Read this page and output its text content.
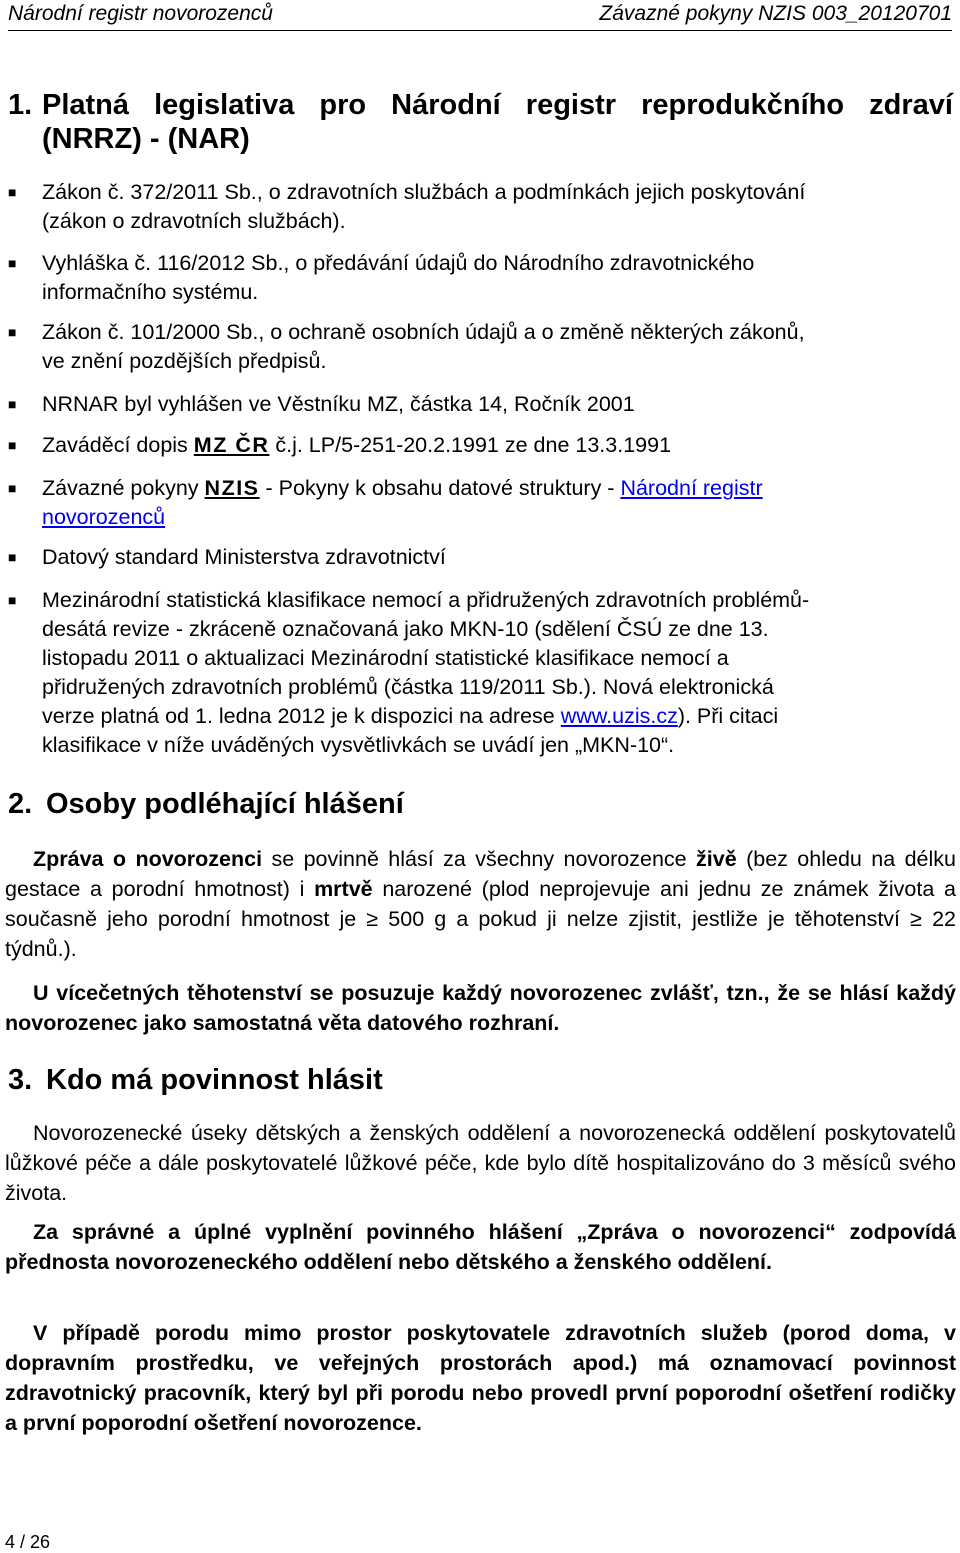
Národní registr novorozenců	Závazné pokyny NZIS 003_20120701
1. Platná legislativa pro Národní registr reprodukčního zdraví
(NRRZ) - (NAR)
■	Zákon č. 372/2011 Sb., o zdravotních službách a podmínkách jejich poskytování
(zákon o zdravotních službách).
■	Vyhláška č. 116/2012 Sb., o předávání údajů do Národního zdravotnického
informačního systému.
■	Zákon č. 101/2000 Sb., o ochraně osobních údajů a o změně některých zákonů,
ve znění pozdějších předpisů.
■	NRNAR byl vyhlášen ve Věstníku MZ, částka 14, Ročník 2001
■	Zaváděcí dopis MZ ČR č.j. LP/5-251-20.2.1991 ze dne 13.3.1991
■	Závazné pokyny NZIS - Pokyny k obsahu datové struktury - Národní registr
novorozenců
■	Datový standard Ministerstva zdravotnictví
■	Mezinárodní statistická klasifikace nemocí a přidružených zdravotních problémů-
desátá revize - zkráceně označovaná jako MKN-10 (sdělení ČSÚ ze dne 13.
listopadu 2011 o aktualizaci Mezinárodní statistické klasifikace nemocí a
přidružených zdravotních problémů (částka 119/2011 Sb.). Nová elektronická
verze platná od 1. ledna 2012 je k dispozici na adrese www.uzis.cz). Při citaci
klasifikace v níže uváděných vysvětlivkách se uvádí jen „MKN-10“.
2. Osoby podléhající hlášení
Zpráva o novorozenci se povinně hlásí za všechny novorozence živě (bez ohledu na délku gestace a porodní hmotnost) i mrtvě narozené (plod neprojevuje ani jednu ze známek života a současně jeho porodní hmotnost je ≥ 500 g a pokud ji nelze zjistit, jestliže je těhotenství ≥ 22 týdnů.).
U vícečetných těhotenství se posuzuje každý novorozenec zvlášť, tzn., že se hlásí každý novorozenec jako samostatná věta datového rozhraní.
3. Kdo má povinnost hlásit
Novorozenecké úseky dětských a ženských oddělení a novorozenecká oddělení poskytovatelů lůžkové péče a dále poskytovatelé lůžkové péče, kde bylo dítě hospitalizováno do 3 měsíců svého života.
Za správné a úplné vyplnění povinného hlášení „Zpráva o novorozenci“ zodpovídá přednosta novorozeneckého oddělení nebo dětského a ženského oddělení.
V případě porodu mimo prostor poskytovatele zdravotních služeb (porod doma, v dopravním prostředku, ve veřejných prostorách apod.) má oznamovací povinnost zdravotnický pracovník, který byl při porodu nebo provedl první poporodní ošetření rodičky a první poporodní ošetření novorozence.
4 / 26
